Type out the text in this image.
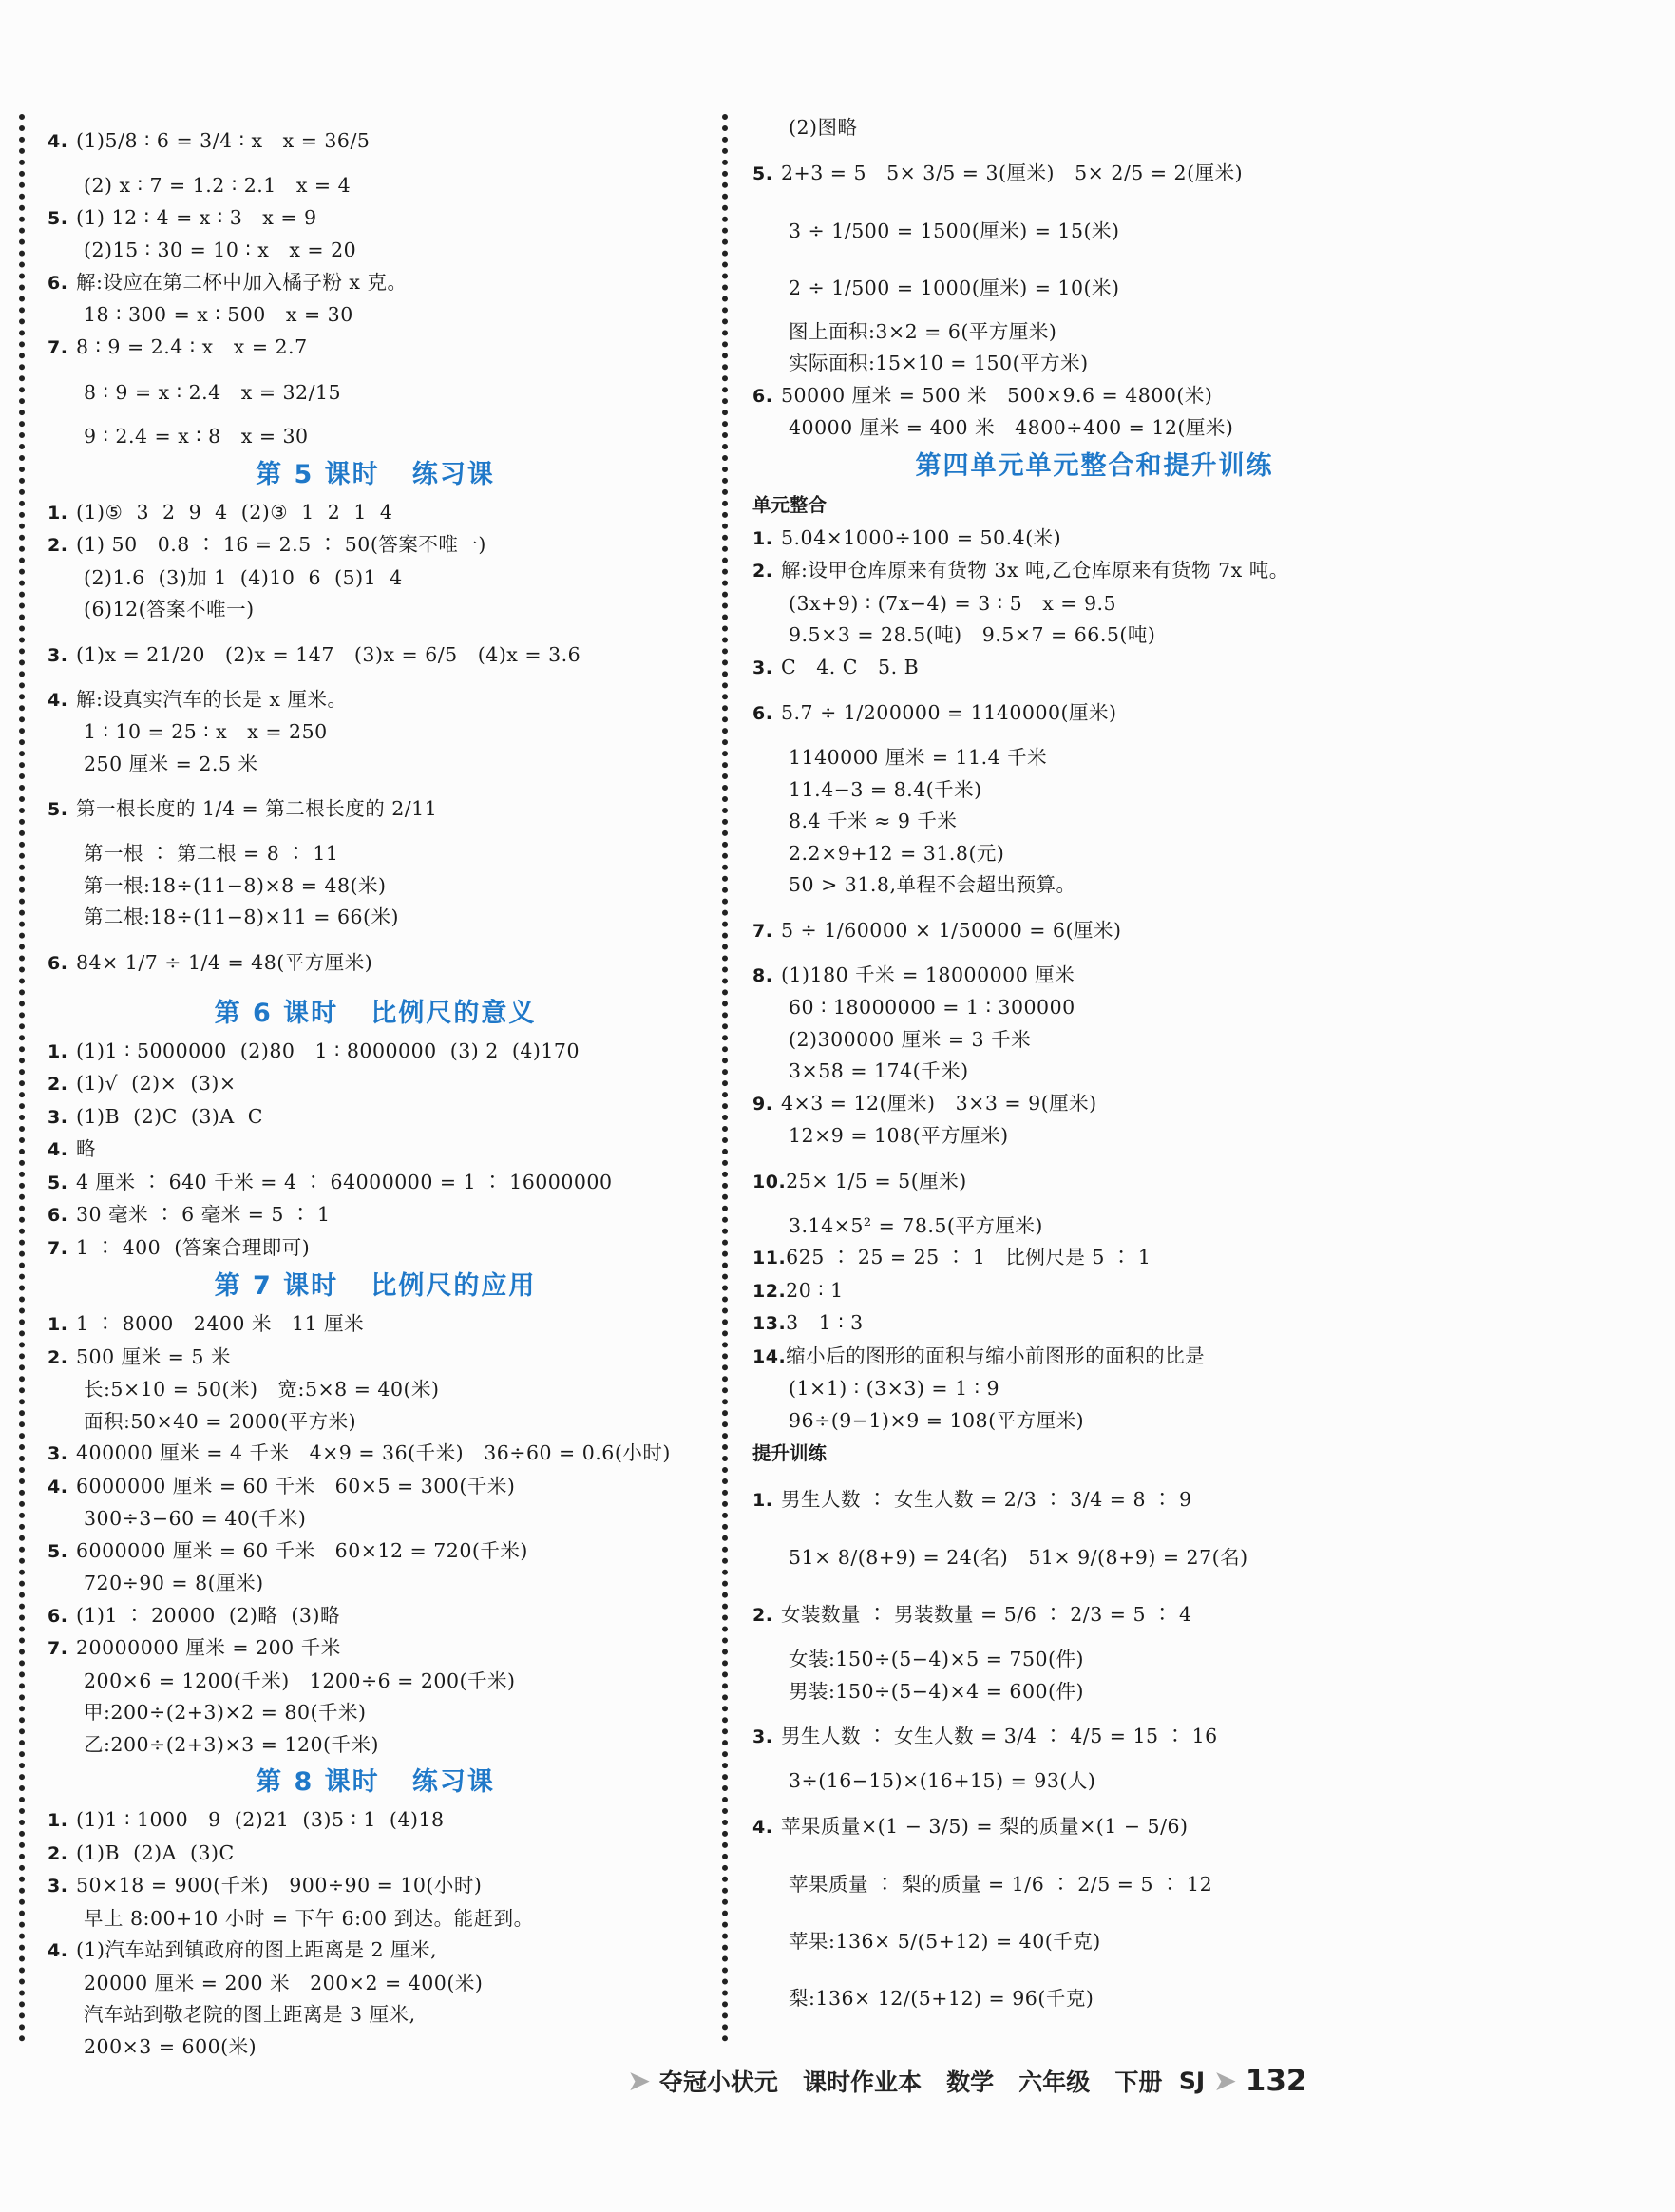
4. (1)5/8 ∶ 6 = 3/4 ∶ x   x = 36/5
(2) x ∶ 7 = 1.2 ∶ 2.1   x = 4
5. (1) 12 ∶ 4 = x ∶ 3   x = 9
(2)15 ∶ 30 = 10 ∶ x   x = 20
6. 解:设应在第二杯中加入橘子粉 x 克。
18 ∶ 300 = x ∶ 500   x = 30
7. 8 ∶ 9 = 2.4 ∶ x   x = 2.7
8 ∶ 9 = x ∶ 2.4   x = 32/15
9 ∶ 2.4 = x ∶ 8   x = 30
第 5 课时   练习课
1. (1)⑤  3  2  9  4  (2)③  1  2  1  4
2. (1) 50   0.8 ∶ 16 = 2.5 ∶ 50(答案不唯一)
(2)1.6  (3)加 1  (4)10  6  (5)1  4
(6)12(答案不唯一)
3. (1)x = 21/20   (2)x = 147   (3)x = 6/5   (4)x = 3.6
4. 解:设真实汽车的长是 x 厘米。
1 ∶ 10 = 25 ∶ x   x = 250
250 厘米 = 2.5 米
5. 第一根长度的 1/4 = 第二根长度的 2/11
第一根 ∶ 第二根 = 8 ∶ 11
第一根:18÷(11−8)×8 = 48(米)
第二根:18÷(11−8)×11 = 66(米)
6. 84× 1/7 ÷ 1/4 = 48(平方厘米)
第 6 课时   比例尺的意义
1. (1)1 ∶ 5000000  (2)80   1 ∶ 8000000  (3) 2  (4)170
2. (1)√  (2)×  (3)×
3. (1)B  (2)C  (3)A  C
4. 略
5. 4 厘米 ∶ 640 千米 = 4 ∶ 64000000 = 1 ∶ 16000000
6. 30 毫米 ∶ 6 毫米 = 5 ∶ 1
7. 1 ∶ 400  (答案合理即可)
第 7 课时   比例尺的应用
1. 1 ∶ 8000   2400 米   11 厘米
2. 500 厘米 = 5 米
长:5×10 = 50(米)   宽:5×8 = 40(米)
面积:50×40 = 2000(平方米)
3. 400000 厘米 = 4 千米   4×9 = 36(千米)   36÷60 = 0.6(小时)
4. 6000000 厘米 = 60 千米   60×5 = 300(千米)
300÷3−60 = 40(千米)
5. 6000000 厘米 = 60 千米   60×12 = 720(千米)
720÷90 = 8(厘米)
6. (1)1 ∶ 20000  (2)略  (3)略
7. 20000000 厘米 = 200 千米
200×6 = 1200(千米)   1200÷6 = 200(千米)
甲:200÷(2+3)×2 = 80(千米)
乙:200÷(2+3)×3 = 120(千米)
第 8 课时   练习课
1. (1)1 ∶ 1000   9  (2)21  (3)5 ∶ 1  (4)18
2. (1)B  (2)A  (3)C
3. 50×18 = 900(千米)   900÷90 = 10(小时)
早上 8:00+10 小时 = 下午 6:00 到达。能赶到。
4. (1)汽车站到镇政府的图上距离是 2 厘米,
20000 厘米 = 200 米   200×2 = 400(米)
汽车站到敬老院的图上距离是 3 厘米,
200×3 = 600(米)
(2)图略
5. 2+3 = 5   5× 3/5 = 3(厘米)   5× 2/5 = 2(厘米)
3 ÷ 1/500 = 1500(厘米) = 15(米)
2 ÷ 1/500 = 1000(厘米) = 10(米)
图上面积:3×2 = 6(平方厘米)
实际面积:15×10 = 150(平方米)
6. 50000 厘米 = 500 米   500×9.6 = 4800(米)
40000 厘米 = 400 米   4800÷400 = 12(厘米)
第四单元单元整合和提升训练
单元整合
1. 5.04×1000÷100 = 50.4(米)
2. 解:设甲仓库原来有货物 3x 吨,乙仓库原来有货物 7x 吨。
(3x+9) ∶ (7x−4) = 3 ∶ 5   x = 9.5
9.5×3 = 28.5(吨)   9.5×7 = 66.5(吨)
3. C   4. C   5. B
6. 5.7 ÷ 1/200000 = 1140000(厘米)
1140000 厘米 = 11.4 千米
11.4−3 = 8.4(千米)
8.4 千米 ≈ 9 千米
2.2×9+12 = 31.8(元)
50 > 31.8,单程不会超出预算。
7. 5 ÷ 1/60000 × 1/50000 = 6(厘米)
8. (1)180 千米 = 18000000 厘米
60 ∶ 18000000 = 1 ∶ 300000
(2)300000 厘米 = 3 千米
3×58 = 174(千米)
9. 4×3 = 12(厘米)   3×3 = 9(厘米)
12×9 = 108(平方厘米)
10.25× 1/5 = 5(厘米)
3.14×5² = 78.5(平方厘米)
11.625 ∶ 25 = 25 ∶ 1   比例尺是 5 ∶ 1
12.20 ∶ 1
13.3   1 ∶ 3
14.缩小后的图形的面积与缩小前图形的面积的比是
(1×1) ∶ (3×3) = 1 ∶ 9
96÷(9−1)×9 = 108(平方厘米)
提升训练
1. 男生人数 ∶ 女生人数 = 2/3 ∶ 3/4 = 8 ∶ 9
51× 8/(8+9) = 24(名)   51× 9/(8+9) = 27(名)
2. 女装数量 ∶ 男装数量 = 5/6 ∶ 2/3 = 5 ∶ 4
女装:150÷(5−4)×5 = 750(件)
男装:150÷(5−4)×4 = 600(件)
3. 男生人数 ∶ 女生人数 = 3/4 ∶ 4/5 = 15 ∶ 16
3÷(16−15)×(16+15) = 93(人)
4. 苹果质量×(1 − 3/5) = 梨的质量×(1 − 5/6)
苹果质量 ∶ 梨的质量 = 1/6 ∶ 2/5 = 5 ∶ 12
苹果:136× 5/(5+12) = 40(千克)
梨:136× 12/(5+12) = 96(千克)
➤ 夺冠小状元 课时作业本 数学 六年级 下册 SJ ➤ 132
